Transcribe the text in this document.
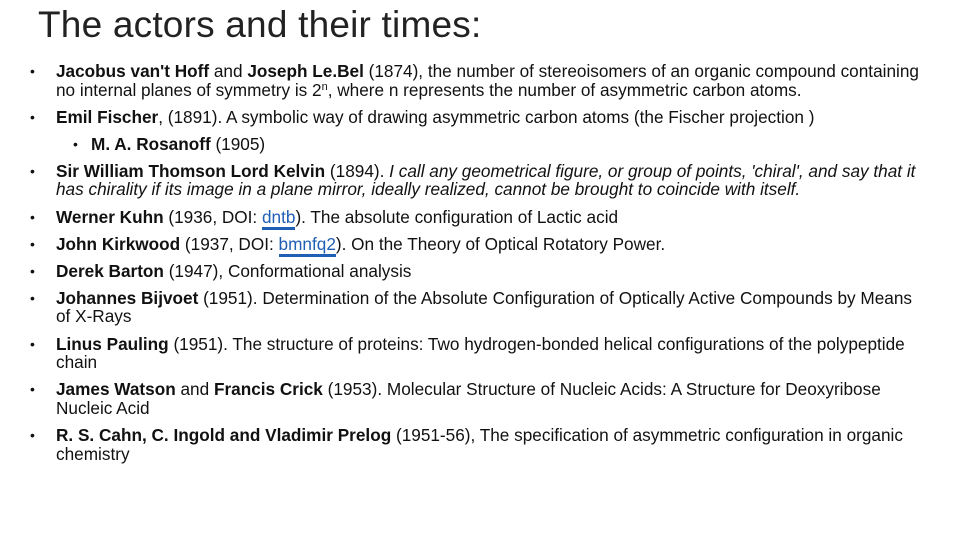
The actors and their times:
• Jacobus van't Hoff and Joseph Le.Bel (1874), the number of stereoisomers of an organic compound containing no internal planes of symmetry is 2$^n$, where n represents the number of asymmetric carbon atoms.
• Emil Fischer, (1891). A symbolic way of drawing asymmetric carbon atoms (the Fischer projection )
• M. A. Rosanoff (1905)
• Sir William Thomson Lord Kelvin (1894). I call any geometrical figure, or group of points, 'chiral', and say that it has chirality if its image in a plane mirror, ideally realized, cannot be brought to coincide with itself.
• Werner Kuhn (1936, DOI: dntb). The absolute configuration of Lactic acid
• John Kirkwood (1937, DOI: bmnfq2). On the Theory of Optical Rotatory Power.
• Derek Barton (1947), Conformational analysis
• Johannes Bijvoet (1951). Determination of the Absolute Configuration of Optically Active Compounds by Means of X-Rays
• Linus Pauling (1951). The structure of proteins: Two hydrogen-bonded helical configurations of the polypeptide chain
• James Watson and Francis Crick (1953). Molecular Structure of Nucleic Acids: A Structure for Deoxyribose Nucleic Acid
• R. S. Cahn, C. Ingold and Vladimir Prelog (1951-56), The specification of asymmetric configuration in organic chemistry
